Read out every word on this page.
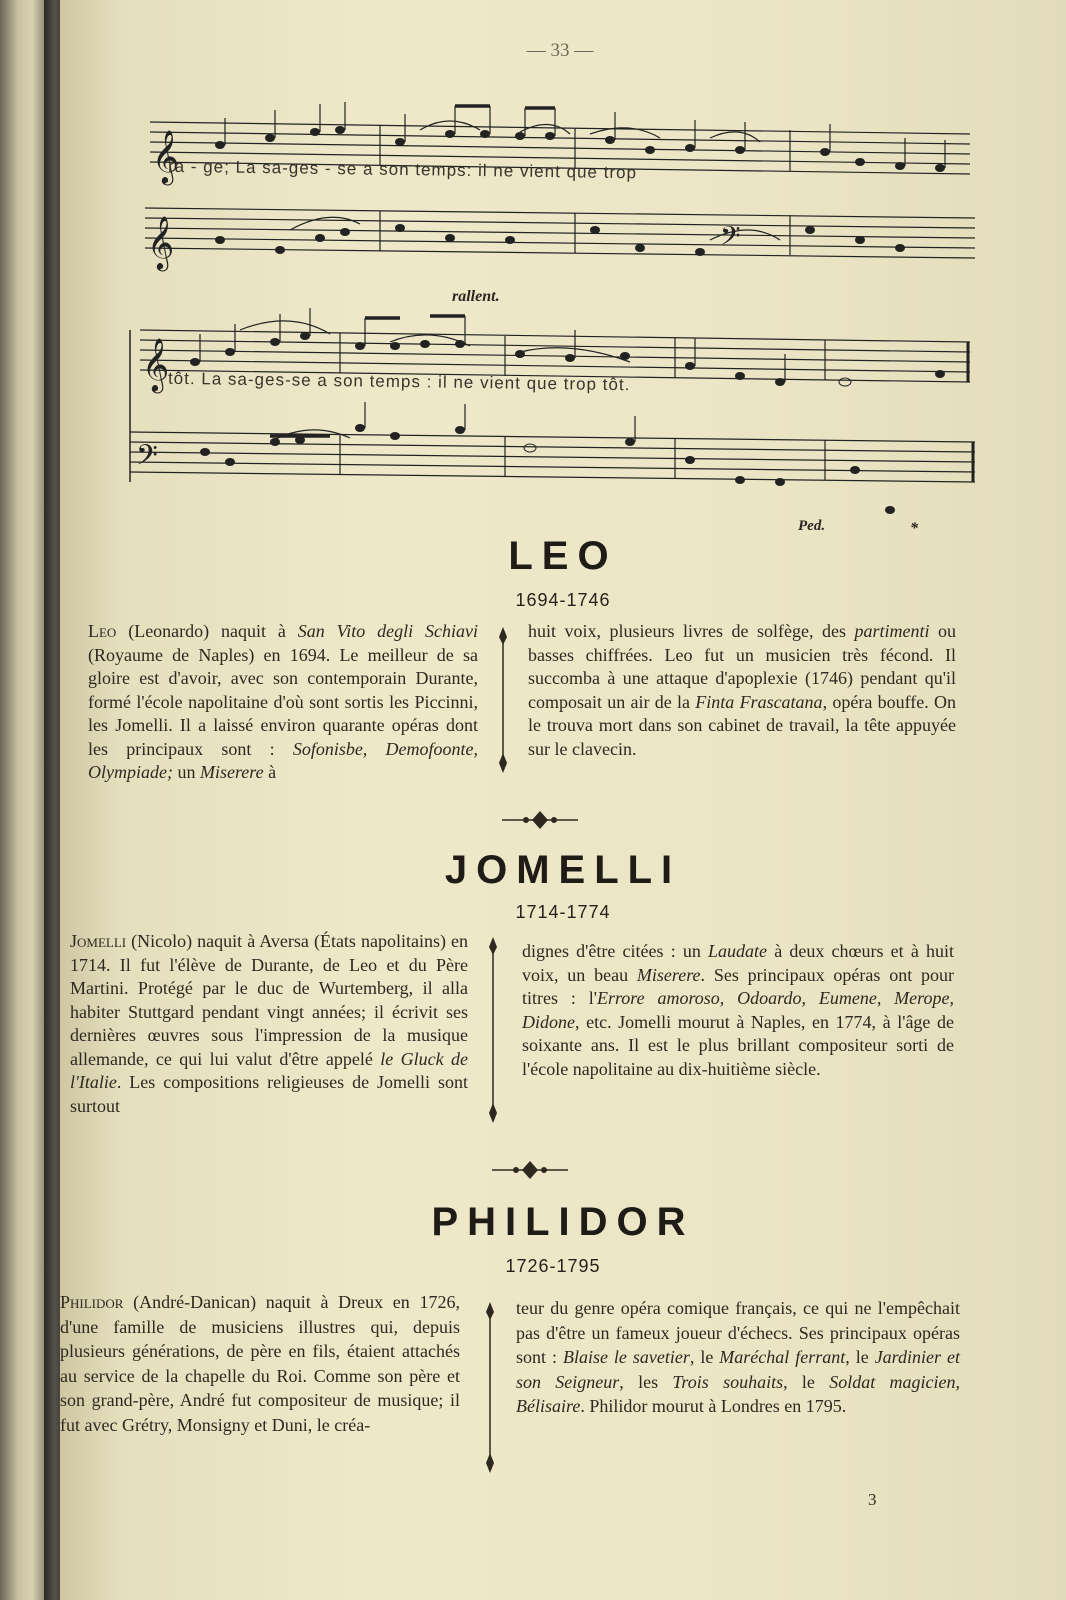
— 33 —
𝄞
𝄞
𝄞
𝄢
𝄢
ra - ge; La sa-ges - se a son temps: il ne vient que trop
tôt. La sa-ges-se a son temps : il ne vient que trop tôt.
rallent.
Ped.	*
LEO
1694-1746
Leo (Leonardo) naquit à San Vito degli Schiavi (Royaume de Naples) en 1694. Le meilleur de sa gloire est d'avoir, avec son contemporain Durante, formé l'école napolitaine d'où sont sortis les Piccinni, les Jomelli. Il a laissé environ quarante opéras dont les principaux sont : Sofonisbe, Demofoonte, Olympiade; un Miserere à
huit voix, plusieurs livres de solfège, des partimenti ou basses chiffrées. Leo fut un musicien très fécond. Il succomba à une attaque d'apoplexie (1746) pendant qu'il composait un air de la Finta Frascatana, opéra bouffe. On le trouva mort dans son cabinet de travail, la tête appuyée sur le clavecin.
JOMELLI
1714-1774
Jomelli (Nicolo) naquit à Aversa (États napolitains) en 1714. Il fut l'élève de Durante, de Leo et du Père Martini. Protégé par le duc de Wurtemberg, il alla habiter Stuttgard pendant vingt années; il écrivit ses dernières œuvres sous l'impression de la musique allemande, ce qui lui valut d'être appelé le Gluck de l'Italie. Les compositions religieuses de Jomelli sont surtout
dignes d'être citées : un Laudate à deux chœurs et à huit voix, un beau Miserere. Ses principaux opéras ont pour titres : l'Errore amoroso, Odoardo, Eumene, Merope, Didone, etc. Jomelli mourut à Naples, en 1774, à l'âge de soixante ans. Il est le plus brillant compositeur sorti de l'école napolitaine au dix-huitième siècle.
PHILIDOR
1726-1795
Philidor (André-Danican) naquit à Dreux en 1726, d'une famille de musiciens illustres qui, depuis plusieurs générations, de père en fils, étaient attachés au service de la chapelle du Roi. Comme son père et son grand-père, André fut compositeur de musique; il fut avec Grétry, Monsigny et Duni, le créa-
teur du genre opéra comique français, ce qui ne l'empêchait pas d'être un fameux joueur d'échecs. Ses principaux opéras sont : Blaise le savetier, le Maréchal ferrant, le Jardinier et son Seigneur, les Trois souhaits, le Soldat magicien, Bélisaire. Philidor mourut à Londres en 1795.
3
